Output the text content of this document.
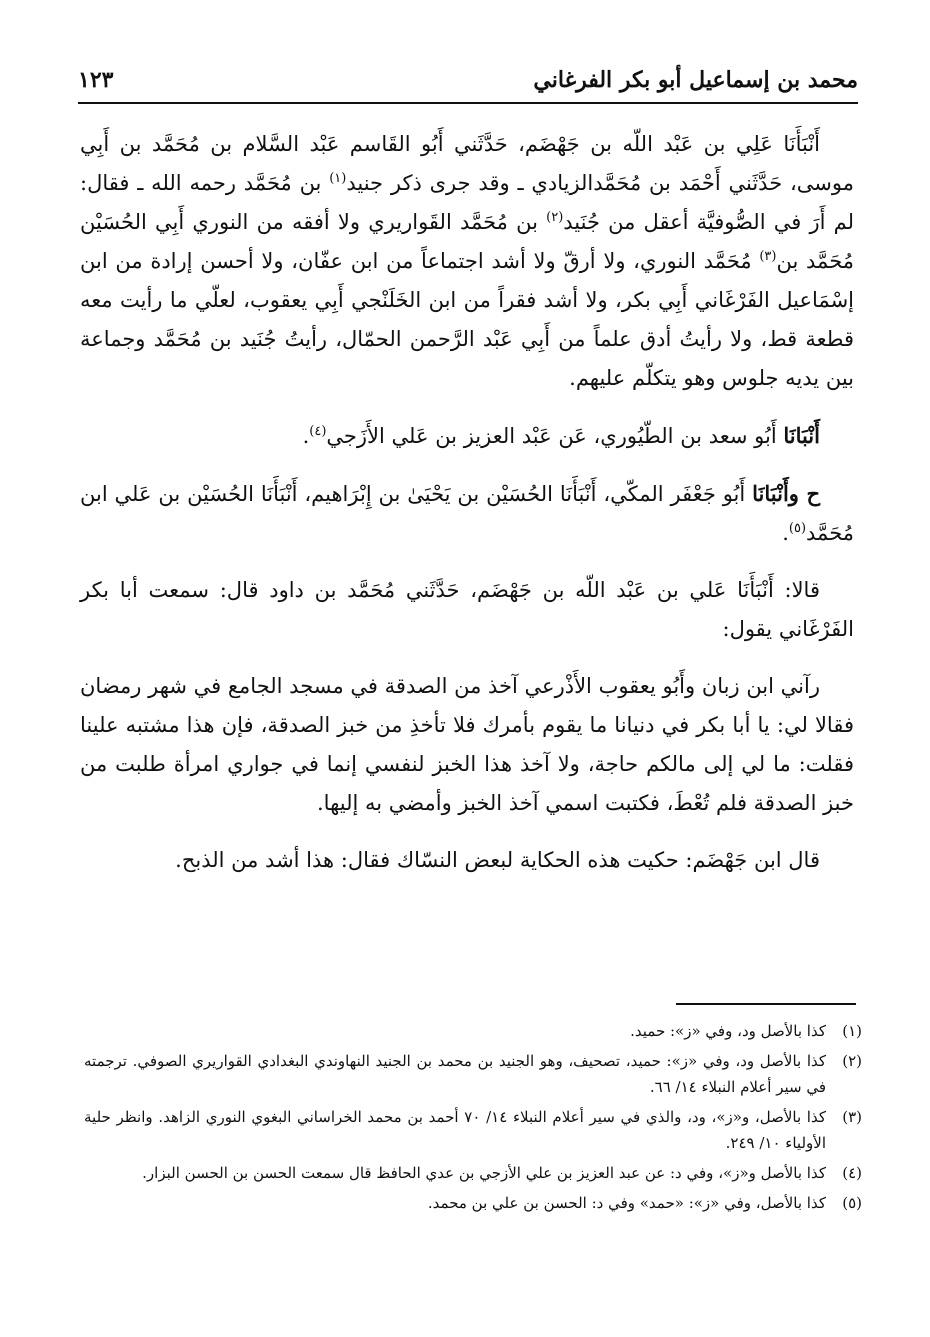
محمد بن إسماعيل أبو بكر الفرغاني
١٢٣

أَنْبَأَنَا عَلِي بن عَبْد اللّه بن جَهْضَم، حَدَّثَني أَبُو القَاسم عَبْد السَّلام بن مُحَمَّد بن أَبِي موسى، حَدَّثَني أَحْمَد بن مُحَمَّدالزيادي ـ وقد جرى ذكر جنيد$^{(١)}$ بن مُحَمَّد رحمه الله ـ فقال: لم أَرَ في الصُّوفيَّة أعقل من جُنَيد$^{(٢)}$ بن مُحَمَّد القَواريري ولا أفقه من النوري أَبِي الحُسَيْن مُحَمَّد بن$^{(٣)}$ مُحَمَّد النوري، ولا أرقّ ولا أشد اجتماعاً من ابن عفّان، ولا أحسن إرادة من ابن إسْمَاعيل الفَرْغَاني أَبِي بكر، ولا أشد فقراً من ابن الخَلَنْجي أَبِي يعقوب، لعلّي ما رأيت معه قطعة قط، ولا رأيتُ أدق علماً من أَبِي عَبْد الرَّحمن الحمّال، رأيتُ جُنَيد بن مُحَمَّد وجماعة بين يديه جلوس وهو يتكلّم عليهم.

أَنْبَانَا أَبُو سعد بن الطّيُوري، عَن عَبْد العزيز بن عَلي الأَزَجي$^{(٤)}$.

ح وأَنْبَانَا أَبُو جَعْفَر المكّي، أَنْبَأَنَا الحُسَيْن بن يَحْيَىٰ بن إِبْرَاهيم، أَنْبَأَنَا الحُسَيْن بن عَلي ابن مُحَمَّد$^{(٥)}$.

قالا: أَنْبَأَنَا عَلي بن عَبْد اللّه بن جَهْضَم، حَدَّثَني مُحَمَّد بن داود قال: سمعت أبا بكر الفَرْغَاني يقول:

رآني ابن زبان وأَبُو يعقوب الأَذْرعي آخذ من الصدقة في مسجد الجامع في شهر رمضان فقالا لي: يا أبا بكر في دنيانا ما يقوم بأمرك فلا تأخذِ من خبز الصدقة، فإن هذا مشتبه علينا فقلت: ما لي إلى مالكم حاجة، ولا آخذ هذا الخبز لنفسي إنما في جواري امرأة طلبت من خبز الصدقة فلم تُعْطَ، فكتبت اسمي آخذ الخبز وأمضي به إليها.

قال ابن جَهْضَم: حكيت هذه الحكاية لبعض النسّاك فقال: هذا أشد من الذبح.

(١)
كذا بالأصل ود، وفي «ز»: حميد.
(٢)
كذا بالأصل ود، وفي «ز»: حميد، تصحيف، وهو الجنيد بن محمد بن الجنيد النهاوندي البغدادي القواريري الصوفي. ترجمته في سير أعلام النبلاء ١٤/ ٦٦.
(٣)
كذا بالأصل، و«ز»، ود، والذي في سير أعلام النبلاء ١٤/ ٧٠ أحمد بن محمد الخراساني البغوي النوري الزاهد. وانظر حلية الأولياء ١٠/ ٢٤٩.
(٤)
كذا بالأصل و«ز»، وفي د: عن عبد العزيز بن علي الأزجي بن عدي الحافظ قال سمعت الحسن بن الحسن البزار.
(٥)
كذا بالأصل، وفي «ز»: «حمد» وفي د: الحسن بن علي بن محمد.
